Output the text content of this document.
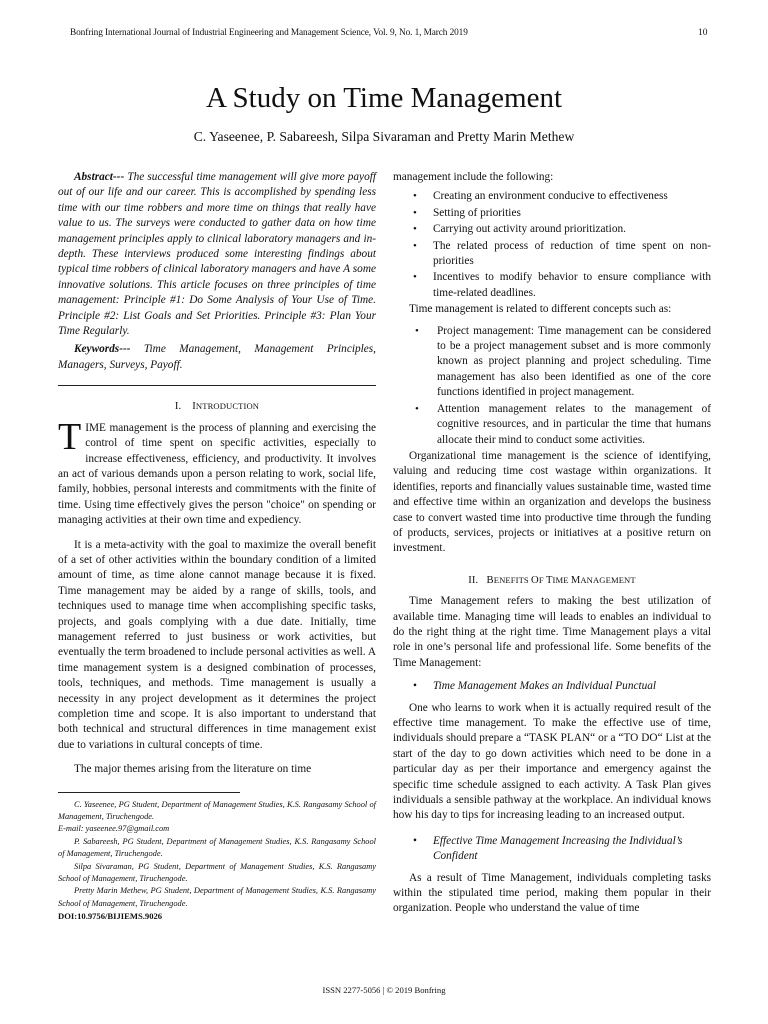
Bonfring International Journal of Industrial Engineering and Management Science, Vol. 9, No. 1, March 2019	10
A Study on Time Management
C. Yaseenee, P. Sabareesh, Silpa Sivaraman and Pretty Marin Methew

Abstract--- The successful time management will give more payoff out of our life and our career. This is accomplished by spending less time with our time robbers and more time on things that really have value to us. The surveys were conducted to gather data on how time management principles apply to clinical laboratory managers and in-depth. These interviews produced some interesting findings about typical time robbers of clinical laboratory managers and have A some innovative solutions. This article focuses on three principles of time management: Principle #1: Do Some Analysis of Your Use of Time. Principle #2: List Goals and Set Priorities. Principle #3: Plan Your Time Regularly.

Keywords--- Time Management, Management Principles, Managers, Surveys, Payoff.

I. INTRODUCTION
T IME management is the process of planning and exercising the control of time spent on specific activities, especially to increase effectiveness, efficiency, and productivity. It involves an act of various demands upon a person relating to work, social life, family, hobbies, personal interests and commitments with the finite of time. Using time effectively gives the person "choice" on spending or managing activities at their own time and expediency.

It is a meta-activity with the goal to maximize the overall benefit of a set of other activities within the boundary condition of a limited amount of time, as time alone cannot manage because it is fixed. Time management may be aided by a range of skills, tools, and techniques used to manage time when accomplishing specific tasks, projects, and goals complying with a due date. Initially, time management referred to just business or work activities, but eventually the term broadened to include personal activities as well. A time management system is a designed combination of processes, tools, techniques, and methods. Time management is usually a necessity in any project development as it determines the project completion time and scope. It is also important to understand that both technical and structural differences in time management exist due to variations in cultural concepts of time.

The major themes arising from the literature on time

C. Yaseenee, PG Student, Department of Management Studies, K.S. Rangasamy School of Management, Tiruchengode.

E-mail: yaseenee.97@gmail.com

P. Sabareesh, PG Student, Department of Management Studies, K.S. Rangasamy School of Management, Tiruchengode.

Silpa Sivaraman, PG Student, Department of Management Studies, K.S. Rangasamy School of Management, Tiruchengode.

Pretty Marin Methew, PG Student, Department of Management Studies, K.S. Rangasamy School of Management, Tiruchengode.

DOI:10.9756/BIJIEMS.9026

management include the following:

• Creating an environment conducive to effectiveness
• Setting of priorities
• Carrying out activity around prioritization.
• The related process of reduction of time spent on non-priorities
• Incentives to modify behavior to ensure compliance with time-related deadlines.

Time management is related to different concepts such as:

• Project management: Time management can be considered to be a project management subset and is more commonly known as project planning and project scheduling. Time management has also been identified as one of the core functions identified in project management.
• Attention management relates to the management of cognitive resources, and in particular the time that humans allocate their mind to conduct some activities.

Organizational time management is the science of identifying, valuing and reducing time cost wastage within organizations. It identifies, reports and financially values sustainable time, wasted time and effective time within an organization and develops the business case to convert wasted time into productive time through the funding of products, services, projects or initiatives at a positive return on investment.

II. BENEFITS OF TIME MANAGEMENT

Time Management refers to making the best utilization of available time. Managing time will leads to enables an individual to do the right thing at the right time. Time Management plays a vital role in one’s personal life and professional life. Some benefits of the Time Management:

• Time Management Makes an Individual Punctual

One who learns to work when it is actually required result of the effective time management. To make the effective use of time, individuals should prepare a “TASK PLAN“ or a “TO DO“ List at the start of the day to go down activities which need to be done in a particular day as per their importance and emergency against the specific time schedule assigned to each activity. A Task Plan gives individuals a sensible pathway at the workplace. An individual knows how his day to tips for increasing leading to an increased output.

• Effective Time Management Increasing the Individual’s Confident

As a result of Time Management, individuals completing tasks within the stipulated time period, making them popular in their organization. People who understand the value of time

ISSN 2277-5056 | © 2019 Bonfring
